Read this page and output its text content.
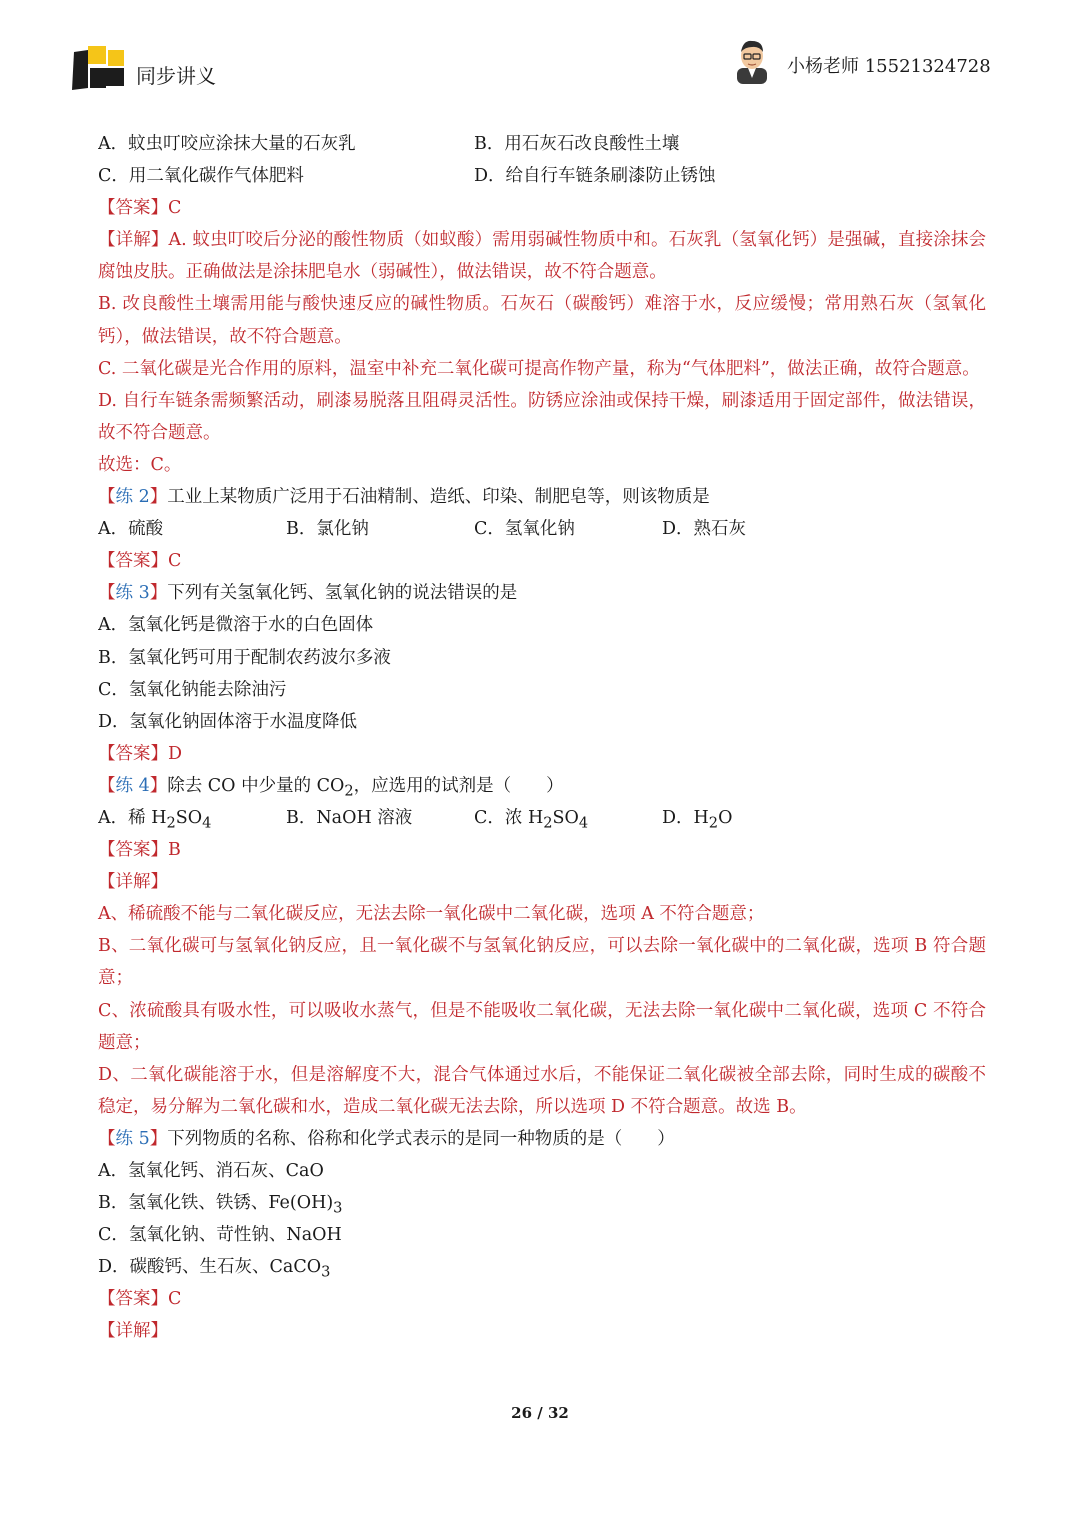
同步讲义	小杨老师 15521324728
A．蚊虫叮咬应涂抹大量的石灰乳	B．用石灰石改良酸性土壤
C．用二氧化碳作气体肥料	D．给自行车链条刷漆防止锈蚀
【答案】C
【详解】A. 蚊虫叮咬后分泌的酸性物质（如蚁酸）需用弱碱性物质中和。石灰乳（氢氧化钙）是强碱，直接涂抹会腐蚀皮肤。正确做法是涂抹肥皂水（弱碱性），做法错误，故不符合题意。
B. 改良酸性土壤需用能与酸快速反应的碱性物质。石灰石（碳酸钙）难溶于水，反应缓慢；常用熟石灰（氢氧化钙），做法错误，故不符合题意。
C. 二氧化碳是光合作用的原料，温室中补充二氧化碳可提高作物产量，称为“气体肥料”，做法正确，故符合题意。
D. 自行车链条需频繁活动，刷漆易脱落且阻碍灵活性。防锈应涂油或保持干燥，刷漆适用于固定部件，做法错误，故不符合题意。
故选：C。
【练 2】工业上某物质广泛用于石油精制、造纸、印染、制肥皂等，则该物质是
A．硫酸	B．氯化钠	C．氢氧化钠	D．熟石灰
【答案】C
【练 3】下列有关氢氧化钙、氢氧化钠的说法错误的是
A．氢氧化钙是微溶于水的白色固体
B．氢氧化钙可用于配制农药波尔多液
C．氢氧化钠能去除油污
D．氢氧化钠固体溶于水温度降低
【答案】D
【练 4】除去 CO 中少量的 $CO_2$，应选用的试剂是（　　）
A．稀 $H_2SO_4$	B．NaOH 溶液	C．浓 $H_2SO_4$	D．$H_2O$
【答案】B
【详解】
A、稀硫酸不能与二氧化碳反应，无法去除一氧化碳中二氧化碳，选项 A 不符合题意；
B、二氧化碳可与氢氧化钠反应，且一氧化碳不与氢氧化钠反应，可以去除一氧化碳中的二氧化碳，选项 B 符合题意；
C、浓硫酸具有吸水性，可以吸收水蒸气，但是不能吸收二氧化碳，无法去除一氧化碳中二氧化碳，选项 C 不符合题意；
D、二氧化碳能溶于水，但是溶解度不大，混合气体通过水后，不能保证二氧化碳被全部去除，同时生成的碳酸不稳定，易分解为二氧化碳和水，造成二氧化碳无法去除，所以选项 D 不符合题意。故选 B。
【练 5】下列物质的名称、俗称和化学式表示的是同一种物质的是（　　）
A．氢氧化钙、消石灰、CaO
B．氢氧化铁、铁锈、$Fe(OH)_3$
C．氢氧化钠、苛性钠、NaOH
D．碳酸钙、生石灰、CaCO$_3$
【答案】C
【详解】
26 / 32
